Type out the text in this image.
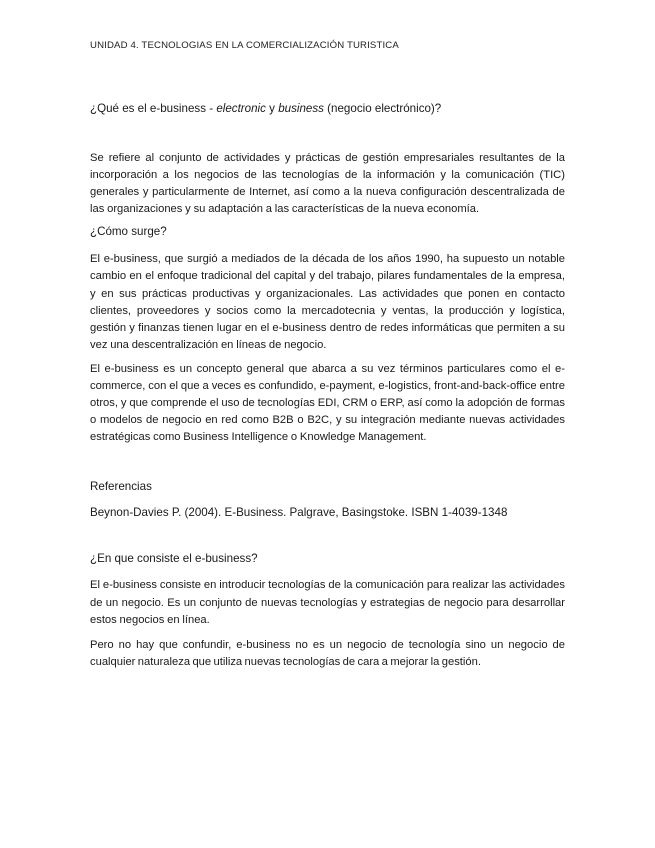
UNIDAD 4. TECNOLOGIAS EN LA COMERCIALIZACIÓN TURISTICA

¿Qué es el e-business - electronic y business (negocio electrónico)?

Se refiere al conjunto de actividades y prácticas de gestión empresariales resultantes de la incorporación a los negocios de las tecnologías de la información y la comunicación (TIC) generales y particularmente de Internet, así como a la nueva configuración descentralizada de las organizaciones y su adaptación a las características de la nueva economía.

¿Cómo surge?

El e-business, que surgió a mediados de la década de los años 1990, ha supuesto un notable cambio en el enfoque tradicional del capital y del trabajo, pilares fundamentales de la empresa, y en sus prácticas productivas y organizacionales. Las actividades que ponen en contacto clientes, proveedores y socios como la mercadotecnia y ventas, la producción y logística, gestión y finanzas tienen lugar en el e-business dentro de redes informáticas que permiten a su vez una descentralización en líneas de negocio.

El e-business es un concepto general que abarca a su vez términos particulares como el e-commerce, con el que a veces es confundido, e-payment, e-logistics, front-and-back-office entre otros, y que comprende el uso de tecnologías EDI, CRM o ERP, así como la adopción de formas o modelos de negocio en red como B2B o B2C, y su integración mediante nuevas actividades estratégicas como Business Intelligence o Knowledge Management.

Referencias

Beynon-Davies P. (2004). E-Business. Palgrave, Basingstoke. ISBN 1-4039-1348

¿En que consiste el e-business?

El e-business consiste en introducir tecnologías de la comunicación para realizar las actividades de un negocio. Es un conjunto de nuevas tecnologías y estrategias de negocio para desarrollar estos negocios en línea.

Pero no hay que confundir, e-business no es un negocio de tecnología sino un negocio de cualquier naturaleza que utiliza nuevas tecnologías de cara a mejorar la gestión.
